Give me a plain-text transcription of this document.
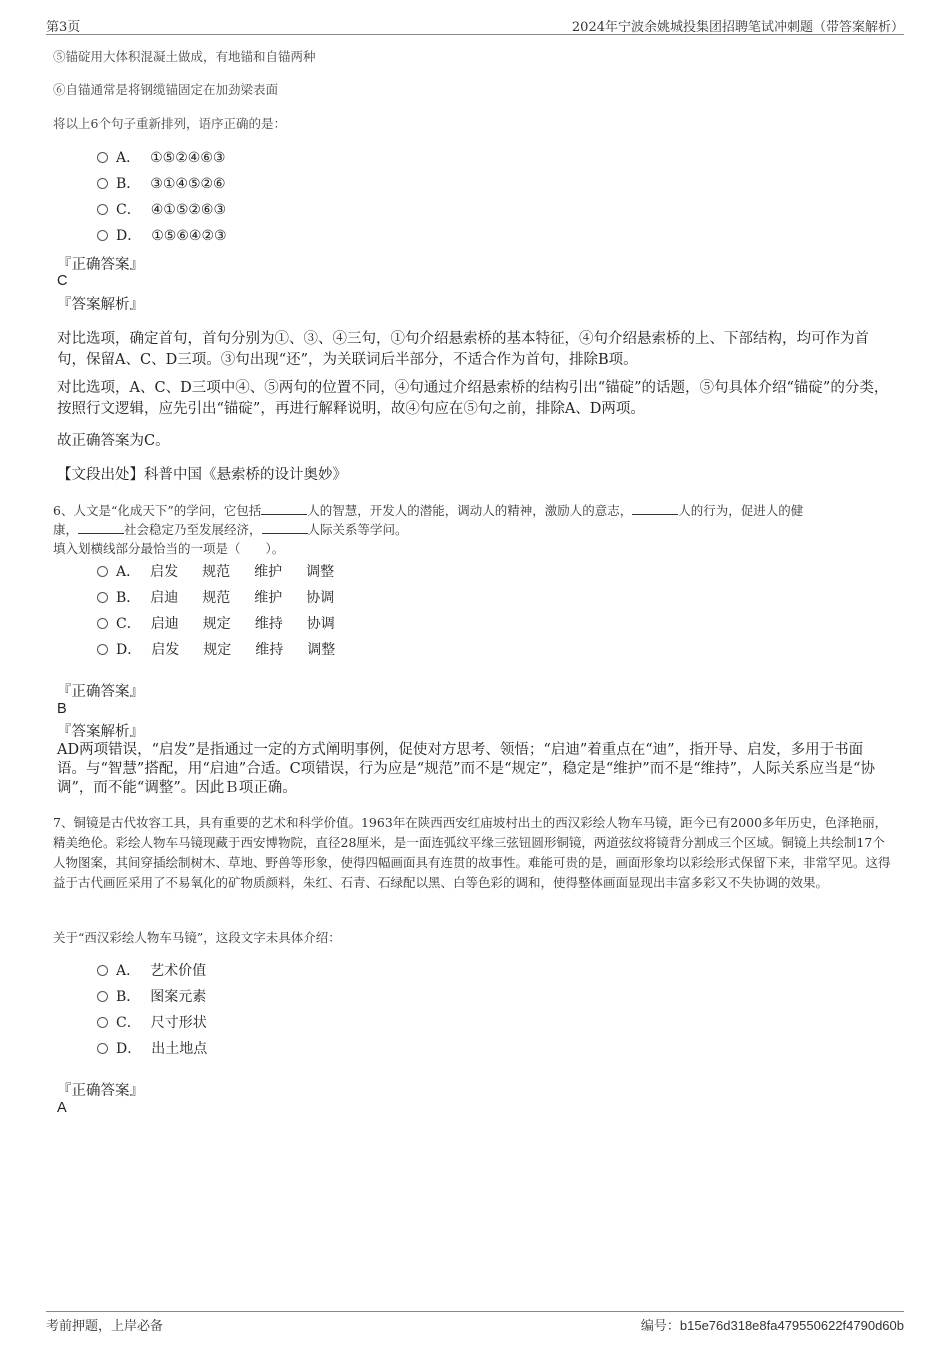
第3页	2024年宁波余姚城投集团招聘笔试冲刺题（带答案解析）
⑤锚碇用大体积混凝土做成，有地锚和自锚两种
⑥自锚通常是将钢缆锚固定在加劲梁表面
将以上6个句子重新排列，语序正确的是：
A． ①⑤②④⑥③
B． ③①④⑤②⑥
C． ④①⑤②⑥③
D． ①⑤⑥④②③
『正确答案』
C
『答案解析』
对比选项，确定首句，首句分别为①、③、④三句，①句介绍悬索桥的基本特征，④句介绍悬索桥的上、下部结构，均可作为首句，保留A、C、D三项。③句出现“还”，为关联词后半部分，不适合作为首句，排除B项。
对比选项，A、C、D三项中④、⑤两句的位置不同，④句通过介绍悬索桥的结构引出“锚碇”的话题，⑤句具体介绍“锚碇”的分类，按照行文逻辑，应先引出“锚碇”，再进行解释说明，故④句应在⑤句之前，排除A、D两项。
故正确答案为C。
【文段出处】科普中国《悬索桥的设计奥妙》
6、人文是“化成天下”的学问，它包括	人的智慧，开发人的潜能，调动人的精神，激励人的意志，	人的行为，促进人的健
康，	社会稳定乃至发展经济，	人际关系等学问。
填入划横线部分最恰当的一项是（　　）。
A． 启发 规范 维护 调整
B． 启迪 规范 维护 协调
C． 启迪 规定 维持 协调
D． 启发 规定 维持 调整
『正确答案』
B
『答案解析』
AD两项错误，“启发”是指通过一定的方式阐明事例，促使对方思考、领悟；“启迪”着重点在“迪”，指开导、启发，多用于书面语。与“智慧”搭配，用“启迪”合适。C项错误，行为应是“规范”而不是“规定”，稳定是“维护”而不是“维持”，人际关系应当是“协调”，而不能“调整”。因此Ｂ项正确。
7、铜镜是古代妆容工具，具有重要的艺术和科学价值。1963年在陕西西安红庙坡村出土的西汉彩绘人物车马镜，距今已有2000多年历史，色泽艳丽，精美绝伦。彩绘人物车马镜现藏于西安博物院，直径28厘米，是一面连弧纹平缘三弦钮圆形铜镜，两道弦纹将镜背分割成三个区域。铜镜上共绘制17个人物图案，其间穿插绘制树木、草地、野兽等形象，使得四幅画面具有连贯的故事性。难能可贵的是，画面形象均以彩绘形式保留下来，非常罕见。这得益于古代画匠采用了不易氧化的矿物质颜料，朱红、石青、石绿配以黑、白等色彩的调和，使得整体画面显现出丰富多彩又不失协调的效果。
关于“西汉彩绘人物车马镜”，这段文字未具体介绍：
A． 艺术价值
B． 图案元素
C． 尺寸形状
D． 出土地点
『正确答案』
A
考前押题，上岸必备	编号：b15e76d318e8fa479550622f4790d60b
